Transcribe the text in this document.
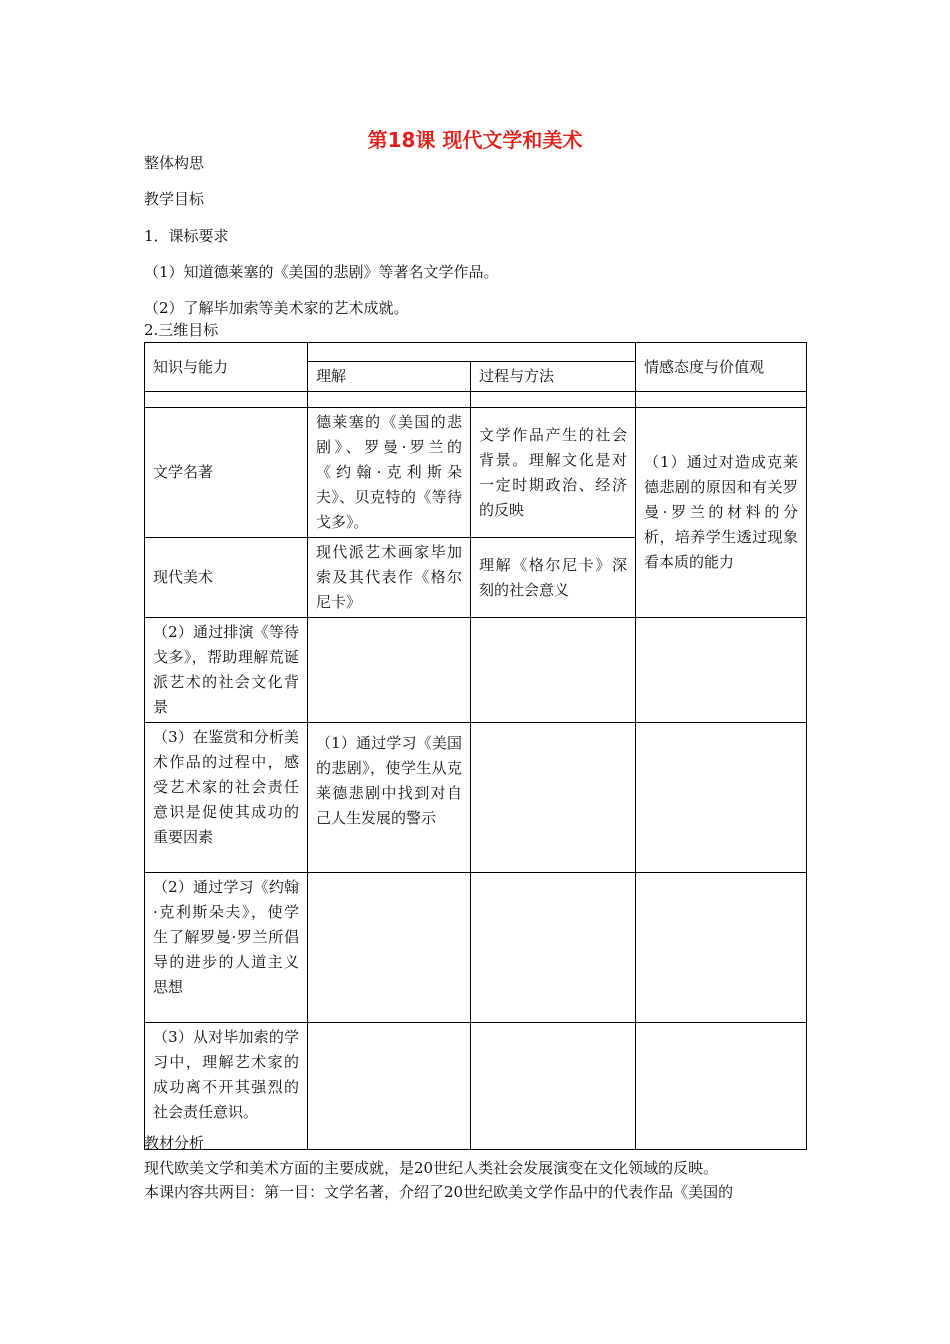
第18课 现代文学和美术
整体构思
教学目标
1．课标要求
（1）知道德莱塞的《美国的悲剧》等著名文学作品。
（2）了解毕加索等美术家的艺术成就。
2.三维目标
知识与能力			情感态度与价值观
	理解	过程与方法	

文学名著	德莱塞的《美国的悲剧》、罗曼·罗兰的《约翰·克利斯朵夫》、贝克特的《等待戈多》。	文学作品产生的社会背景。理解文化是对一定时期政治、经济的反映	（1）通过对造成克莱德悲剧的原因和有关罗曼·罗兰的材料的分析，培养学生透过现象看本质的能力
现代美术	现代派艺术画家毕加索及其代表作《格尔尼卡》	理解《格尔尼卡》深刻的社会意义	
（2）通过排演《等待戈多》，帮助理解荒诞派艺术的社会文化背景			
（3）在鉴赏和分析美术作品的过程中，感受艺术家的社会责任意识是促使其成功的重要因素	（1）通过学习《美国的悲剧》，使学生从克莱德悲剧中找到对自己人生发展的警示		
（2）通过学习《约翰·克利斯朵夫》，使学生了解罗曼·罗兰所倡导的进步的人道主义思想			
（3）从对毕加索的学习中，理解艺术家的成功离不开其强烈的社会责任意识。			
教材分析
现代欧美文学和美术方面的主要成就，是20世纪人类社会发展演变在文化领域的反映。
本课内容共两目：第一目：文学名著，介绍了20世纪欧美文学作品中的代表作品《美国的
